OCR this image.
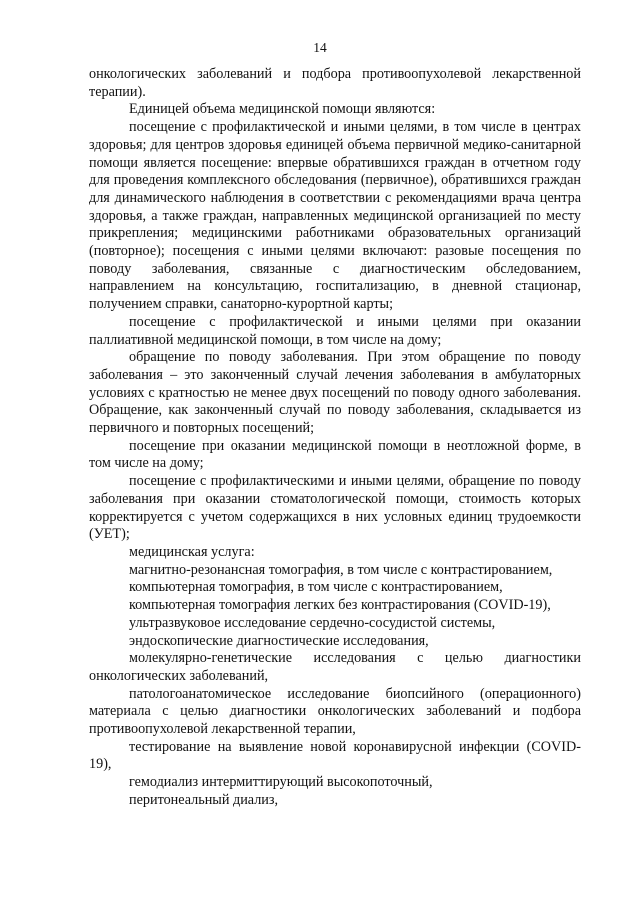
14

онкологических заболеваний и подбора противоопухолевой лекарственной терапии).

Единицей объема медицинской помощи являются:

посещение с профилактической и иными целями, в том числе в центрах здоровья; для центров здоровья единицей объема первичной медико-санитарной помощи является посещение: впервые обратившихся граждан в отчетном году для проведения комплексного обследования (первичное), обратившихся граждан для динамического наблюдения в соответствии с рекомендациями врача центра здоровья, а также граждан, направленных медицинской организацией по месту прикрепления; медицинскими работниками образовательных организаций (повторное); посещения с иными целями включают: разовые посещения по поводу заболевания, связанные с диагностическим обследованием, направлением на консультацию, госпитализацию, в дневной стационар, получением справки, санаторно-курортной карты;

посещение с профилактической и иными целями при оказании паллиативной медицинской помощи, в том числе на дому;

обращение по поводу заболевания. При этом обращение по поводу заболевания – это законченный случай лечения заболевания в амбулаторных условиях с кратностью не менее двух посещений по поводу одного заболевания. Обращение, как законченный случай по поводу заболевания, складывается из первичного и повторных посещений;

посещение при оказании медицинской помощи в неотложной форме, в том числе на дому;

посещение с профилактическими и иными целями, обращение по поводу заболевания при оказании стоматологической помощи, стоимость которых корректируется с учетом содержащихся в них условных единиц трудоемкости (УЕТ);

медицинская услуга:

магнитно-резонансная томография, в том числе с контрастированием,

компьютерная томография, в том числе с контрастированием,

компьютерная томография легких без контрастирования (COVID-19),

ультразвуковое исследование сердечно-сосудистой системы,

эндоскопические диагностические исследования,

молекулярно-генетические исследования с целью диагностики онкологических заболеваний,

патологоанатомическое исследование биопсийного (операционного) материала с целью диагностики онкологических заболеваний и подбора противоопухолевой лекарственной терапии,

тестирование на выявление новой коронавирусной инфекции (COVID-19),

гемодиализ интермиттирующий высокопоточный,

перитонеальный диализ,
